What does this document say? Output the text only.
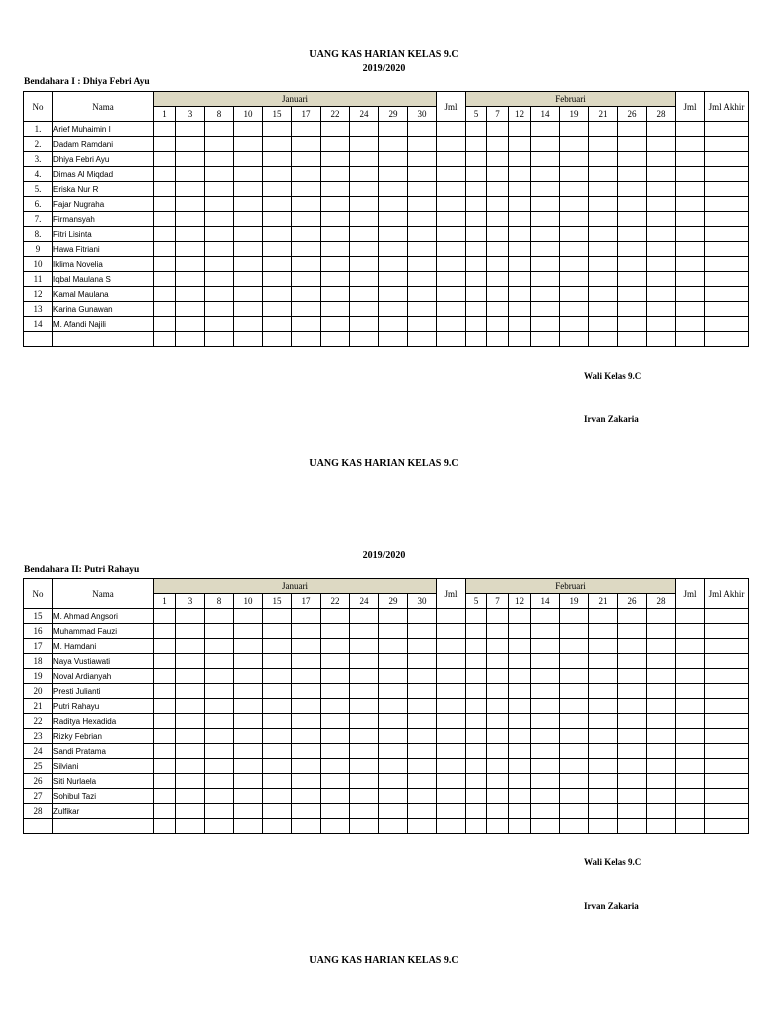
UANG KAS HARIAN KELAS 9.C
2019/2020
Bendahara I : Dhiya Febri Ayu
No	Nama	Januari										Jml	Februari								Jml	Jml Akhir
		1	3	8	10	15	17	22	24	29	30		5	7	12	14	19	21	26	28		
1.	Arief Muhaimin I																					
2.	Dadam Ramdani																					
3.	Dhiya Febri Ayu																					
4.	Dimas Al Miqdad																					
5.	Eriska Nur R																					
6.	Fajar Nugraha																					
7.	Firmansyah																					
8.	Fitri Lisinta																					
9	Hawa Fitriani																					
10	Iklima Novelia																					
11	Iqbal Maulana S																					
12	Kamal Maulana																					
13	Karina Gunawan																					
14	M. Afandi Najili																					

Wali Kelas 9.C
Irvan Zakaria
UANG KAS HARIAN KELAS 9.C
2019/2020
Bendahara II: Putri Rahayu
No	Nama	Januari										Jml	Februari								Jml	Jml Akhir
		1	3	8	10	15	17	22	24	29	30		5	7	12	14	19	21	26	28		
15	M. Ahmad Angsori																					
16	Muhammad Fauzi																					
17	M. Hamdani																					
18	Naya Vustiawati																					
19	Noval Ardianyah																					
20	Presti Julianti																					
21	Putri Rahayu																					
22	Raditya Hexadida																					
23	Rizky Febrian																					
24	Sandi Pratama																					
25	Silviani																					
26	Siti Nurlaela																					
27	Sohibul Tazi																					
28	Zulfikar																					

Wali Kelas 9.C
Irvan Zakaria
UANG KAS HARIAN KELAS 9.C
